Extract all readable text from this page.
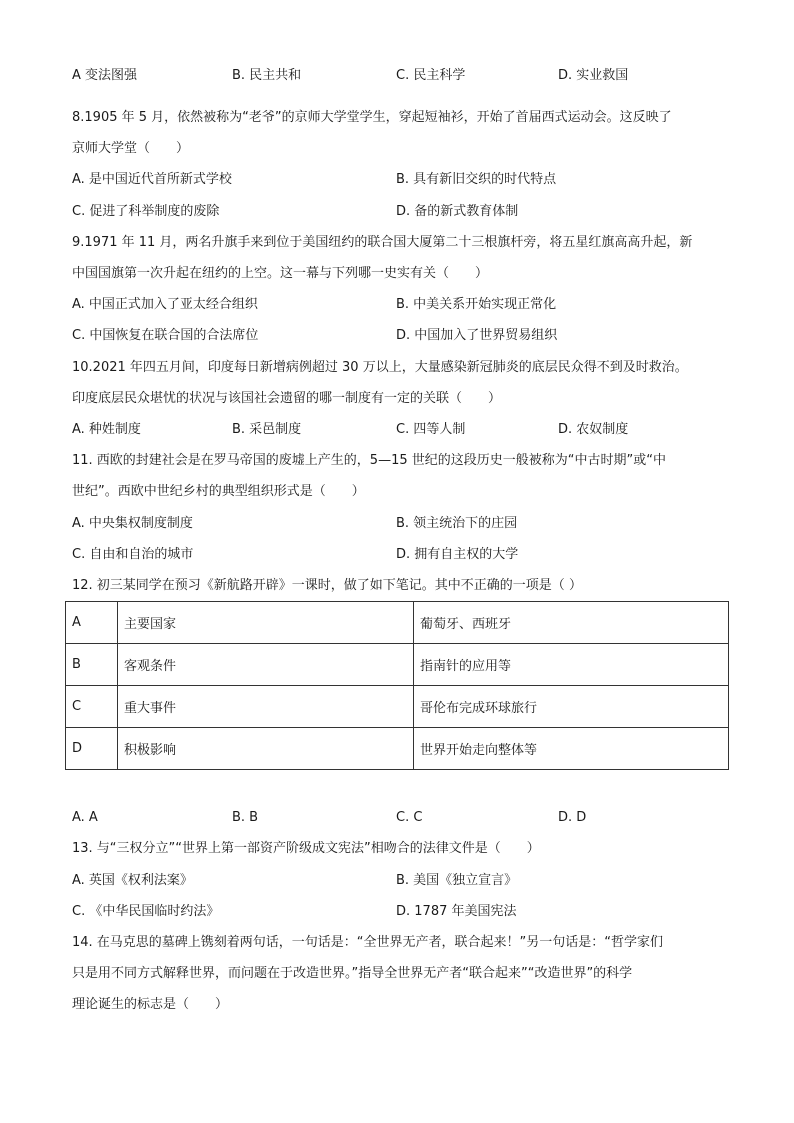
A 变法图强	B. 民主共和	C. 民主科学	D. 实业救国
8.1905 年 5 月，依然被称为“老爷”的京师大学堂学生，穿起短袖衫，开始了首届西式运动会。这反映了
京师大学堂（　　）
A. 是中国近代首所新式学校	B. 具有新旧交织的时代特点
C. 促进了科举制度的废除	D. 备的新式教育体制
9.1971 年 11 月，两名升旗手来到位于美国纽约的联合国大厦第二十三根旗杆旁，将五星红旗高高升起，新
中国国旗第一次升起在纽约的上空。这一幕与下列哪一史实有关（　　）
A. 中国正式加入了亚太经合组织	B. 中美关系开始实现正常化
C. 中国恢复在联合国的合法席位	D. 中国加入了世界贸易组织
10.2021 年四五月间，印度每日新增病例超过 30 万以上，大量感染新冠肺炎的底层民众得不到及时救治。
印度底层民众堪忧的状况与该国社会遗留的哪一制度有一定的关联（　　）
A. 种姓制度	B. 采邑制度	C. 四等人制	D. 农奴制度
11. 西欧的封建社会是在罗马帝国的废墟上产生的，5—15 世纪的这段历史一般被称为“中古时期”或“中
世纪”。西欧中世纪乡村的典型组织形式是（　　）
A. 中央集权制度制度	B. 领主统治下的庄园
C. 自由和自治的城市	D. 拥有自主权的大学
12. 初三某同学在预习《新航路开辟》一课时，做了如下笔记。其中不正确的一项是（ ）
A	主要国家	葡萄牙、西班牙
B	客观条件	指南针的应用等
C	重大事件	哥伦布完成环球旅行
D	积极影响	世界开始走向整体等
A. A	B. B	C. C	D. D
13. 与“三权分立”“世界上第一部资产阶级成文宪法”相吻合的法律文件是（　　）
A. 英国《权利法案》	B. 美国《独立宣言》
C. 《中华民国临时约法》	D. 1787 年美国宪法
14. 在马克思的墓碑上镌刻着两句话，一句话是：“全世界无产者，联合起来！”另一句话是：“哲学家们
只是用不同方式解释世界，而问题在于改造世界。”指导全世界无产者“联合起来”“改造世界”的科学
理论诞生的标志是（　　）
